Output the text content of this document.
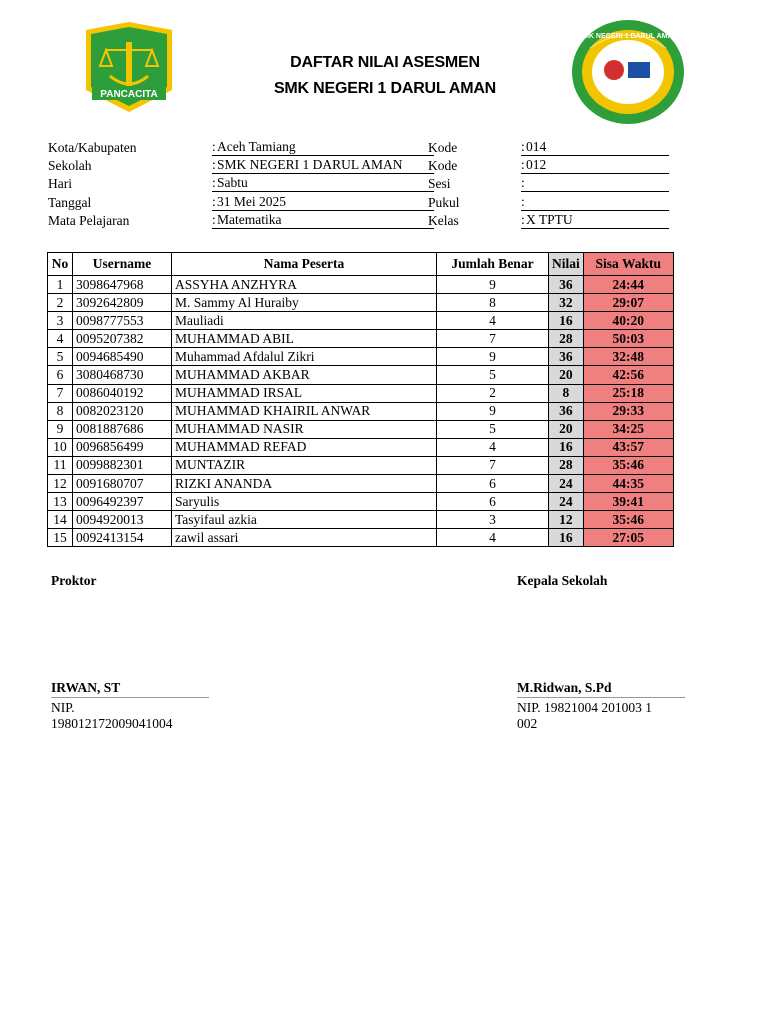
PANCACITA
DAFTAR NILAI ASESMEN
SMK NEGERI 1 DARUL AMAN
SMK NEGERI 1 DARUL AMAN
Kota/Kabupaten	:Aceh Tamiang	Kode	:014
Sekolah	:SMK NEGERI 1 DARUL AMAN	Kode	:012
Hari	:Sabtu	Sesi	:
Tanggal	:31 Mei 2025	Pukul	:
Mata Pelajaran	:Matematika	Kelas	:X TPTU
No	Username	Nama Peserta	Jumlah Benar	Nilai	Sisa Waktu
1	3098647968	ASSYHA ANZHYRA	9	36	24:44
2	3092642809	M. Sammy Al Huraiby	8	32	29:07
3	0098777553	Mauliadi	4	16	40:20
4	0095207382	MUHAMMAD ABIL	7	28	50:03
5	0094685490	Muhammad Afdalul Zikri	9	36	32:48
6	3080468730	MUHAMMAD AKBAR	5	20	42:56
7	0086040192	MUHAMMAD IRSAL	2	8	25:18
8	0082023120	MUHAMMAD KHAIRIL ANWAR	9	36	29:33
9	0081887686	MUHAMMAD NASIR	5	20	34:25
10	0096856499	MUHAMMAD REFAD	4	16	43:57
11	0099882301	MUNTAZIR	7	28	35:46
12	0091680707	RIZKI ANANDA	6	24	44:35
13	0096492397	Saryulis	6	24	39:41
14	0094920013	Tasyifaul azkia	3	12	35:46
15	0092413154	zawil assari	4	16	27:05
Proktor	Kepala Sekolah
IRWAN, ST	M.Ridwan, S.Pd
NIP.
198012172009041004
NIP. 19821004 201003 1
002
